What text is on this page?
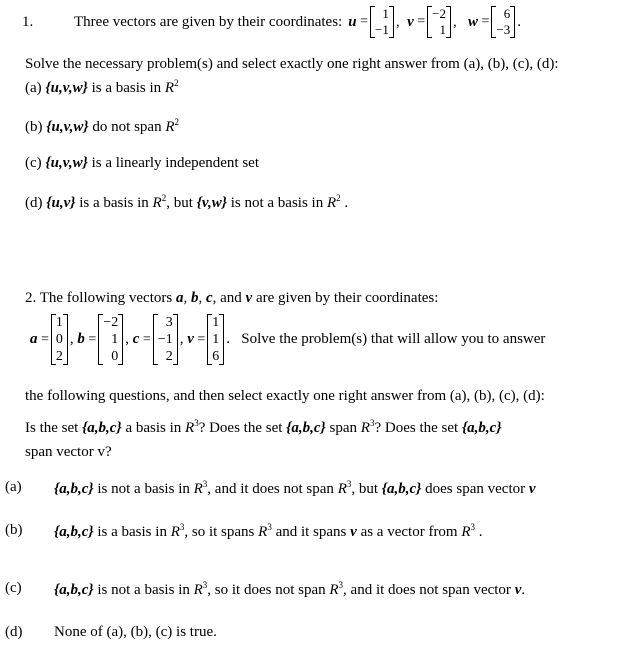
1.	Three vectors are given by their coordinates: u =
1
−1 , v =
−2
1 , w =
6
−3 .
Solve the necessary problem(s) and select exactly one right answer from (a), (b), (c), (d):
(a) {u,v,w} is a basis in $R^2$
(b) {u,v,w} do not span $R^2$
(c) {u,v,w} is a linearly independent set
(d) {u,v} is a basis in $R^2$, but {v,w} is not a basis in $R^2$ .
2. The following vectors a, b, c, and v are given by their coordinates:
a =
1
0
2
, b =
−2
1
0
, c =
3
−1
2
, v =
1
1
6
. Solve the problem(s) that will allow you to answer
the following questions, and then select exactly one right answer from (a), (b), (c), (d):
Is the set {a,b,c} a basis in $R^3$? Does the set {a,b,c} span $R^3$? Does the set {a,b,c}
span vector v?
(a) {a,b,c} is not a basis in $R^3$, and it does not span $R^3$, but {a,b,c} does span vector v
(b) {a,b,c} is a basis in $R^3$, so it spans $R^3$ and it spans v as a vector from $R^3$ .
(c) {a,b,c} is not a basis in $R^3$, so it does not span $R^3$, and it does not span vector v.
(d) None of (a), (b), (c) is true.
